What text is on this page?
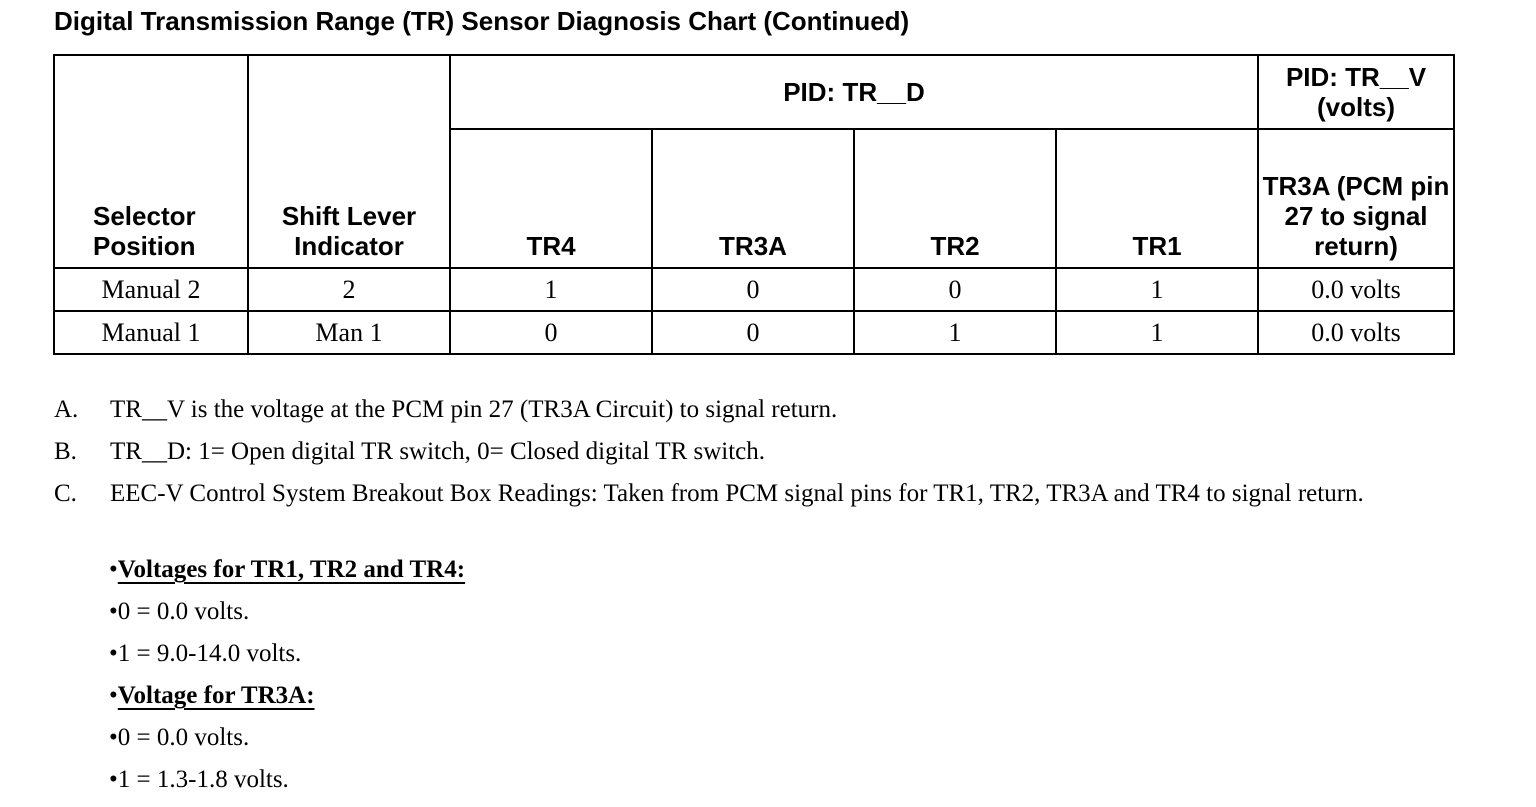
Digital Transmission Range (TR) Sensor Diagnosis Chart (Continued)
Selector Position	Shift Lever Indicator	PID: TR__D				PID: TR__V (volts)
		TR4	TR3A	TR2	TR1	TR3A (PCM pin 27 to signal return)
Manual 2	2	1	0	0	1	0.0 volts
Manual 1	Man 1	0	0	1	1	0.0 volts
A.	TR__V is the voltage at the PCM pin 27 (TR3A Circuit) to signal return.
B.	TR__D: 1= Open digital TR switch, 0= Closed digital TR switch.
C.	EEC-V Control System Breakout Box Readings: Taken from PCM signal pins for TR1, TR2, TR3A and TR4 to signal return.
•Voltages for TR1, TR2 and TR4:
•0 = 0.0 volts.
•1 = 9.0-14.0 volts.
•Voltage for TR3A:
•0 = 0.0 volts.
•1 = 1.3-1.8 volts.
